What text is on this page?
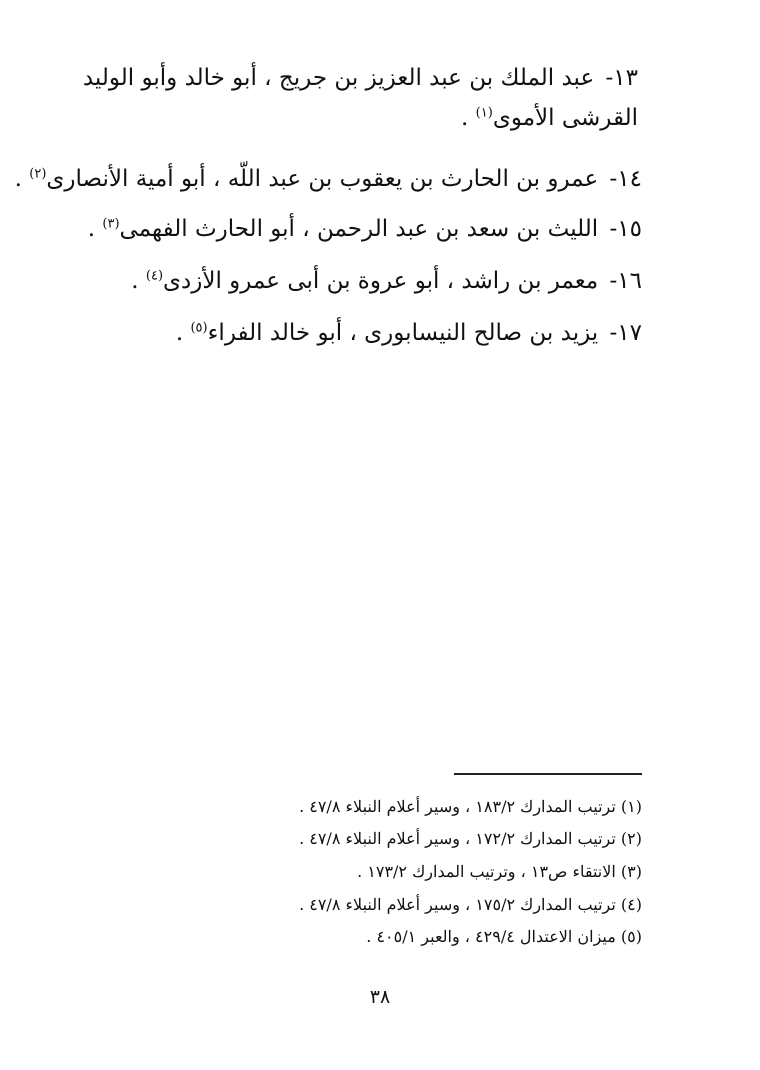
١٣- عبد الملك بن عبد العزيز بن جريج ، أبو خالد وأبو الوليد القرشى الأموى$^{(١)}$ .
١٤- عمرو بن الحارث بن يعقوب بن عبد اللّه ، أبو أمية الأنصارى$^{(٢)}$ .
١٥- الليث بن سعد بن عبد الرحمن ، أبو الحارث الفهمى$^{(٣)}$ .
١٦- معمر بن راشد ، أبو عروة بن أبى عمرو الأزدى$^{(٤)}$ .
١٧- يزيد بن صالح النيسابورى ، أبو خالد الفراء$^{(٥)}$ .
(١) ترتيب المدارك ١٨٣/٢ ، وسير أعلام النبلاء ٤٧/٨ .
(٢) ترتيب المدارك ١٧٢/٢ ، وسير أعلام النبلاء ٤٧/٨ .
(٣) الانتقاء ص١٣ ، وترتيب المدارك ١٧٣/٢ .
(٤) ترتيب المدارك ١٧٥/٢ ، وسير أعلام النبلاء ٤٧/٨ .
(٥) ميزان الاعتدال ٤٢٩/٤ ، والعبر ٤٠٥/١ .
٣٨
